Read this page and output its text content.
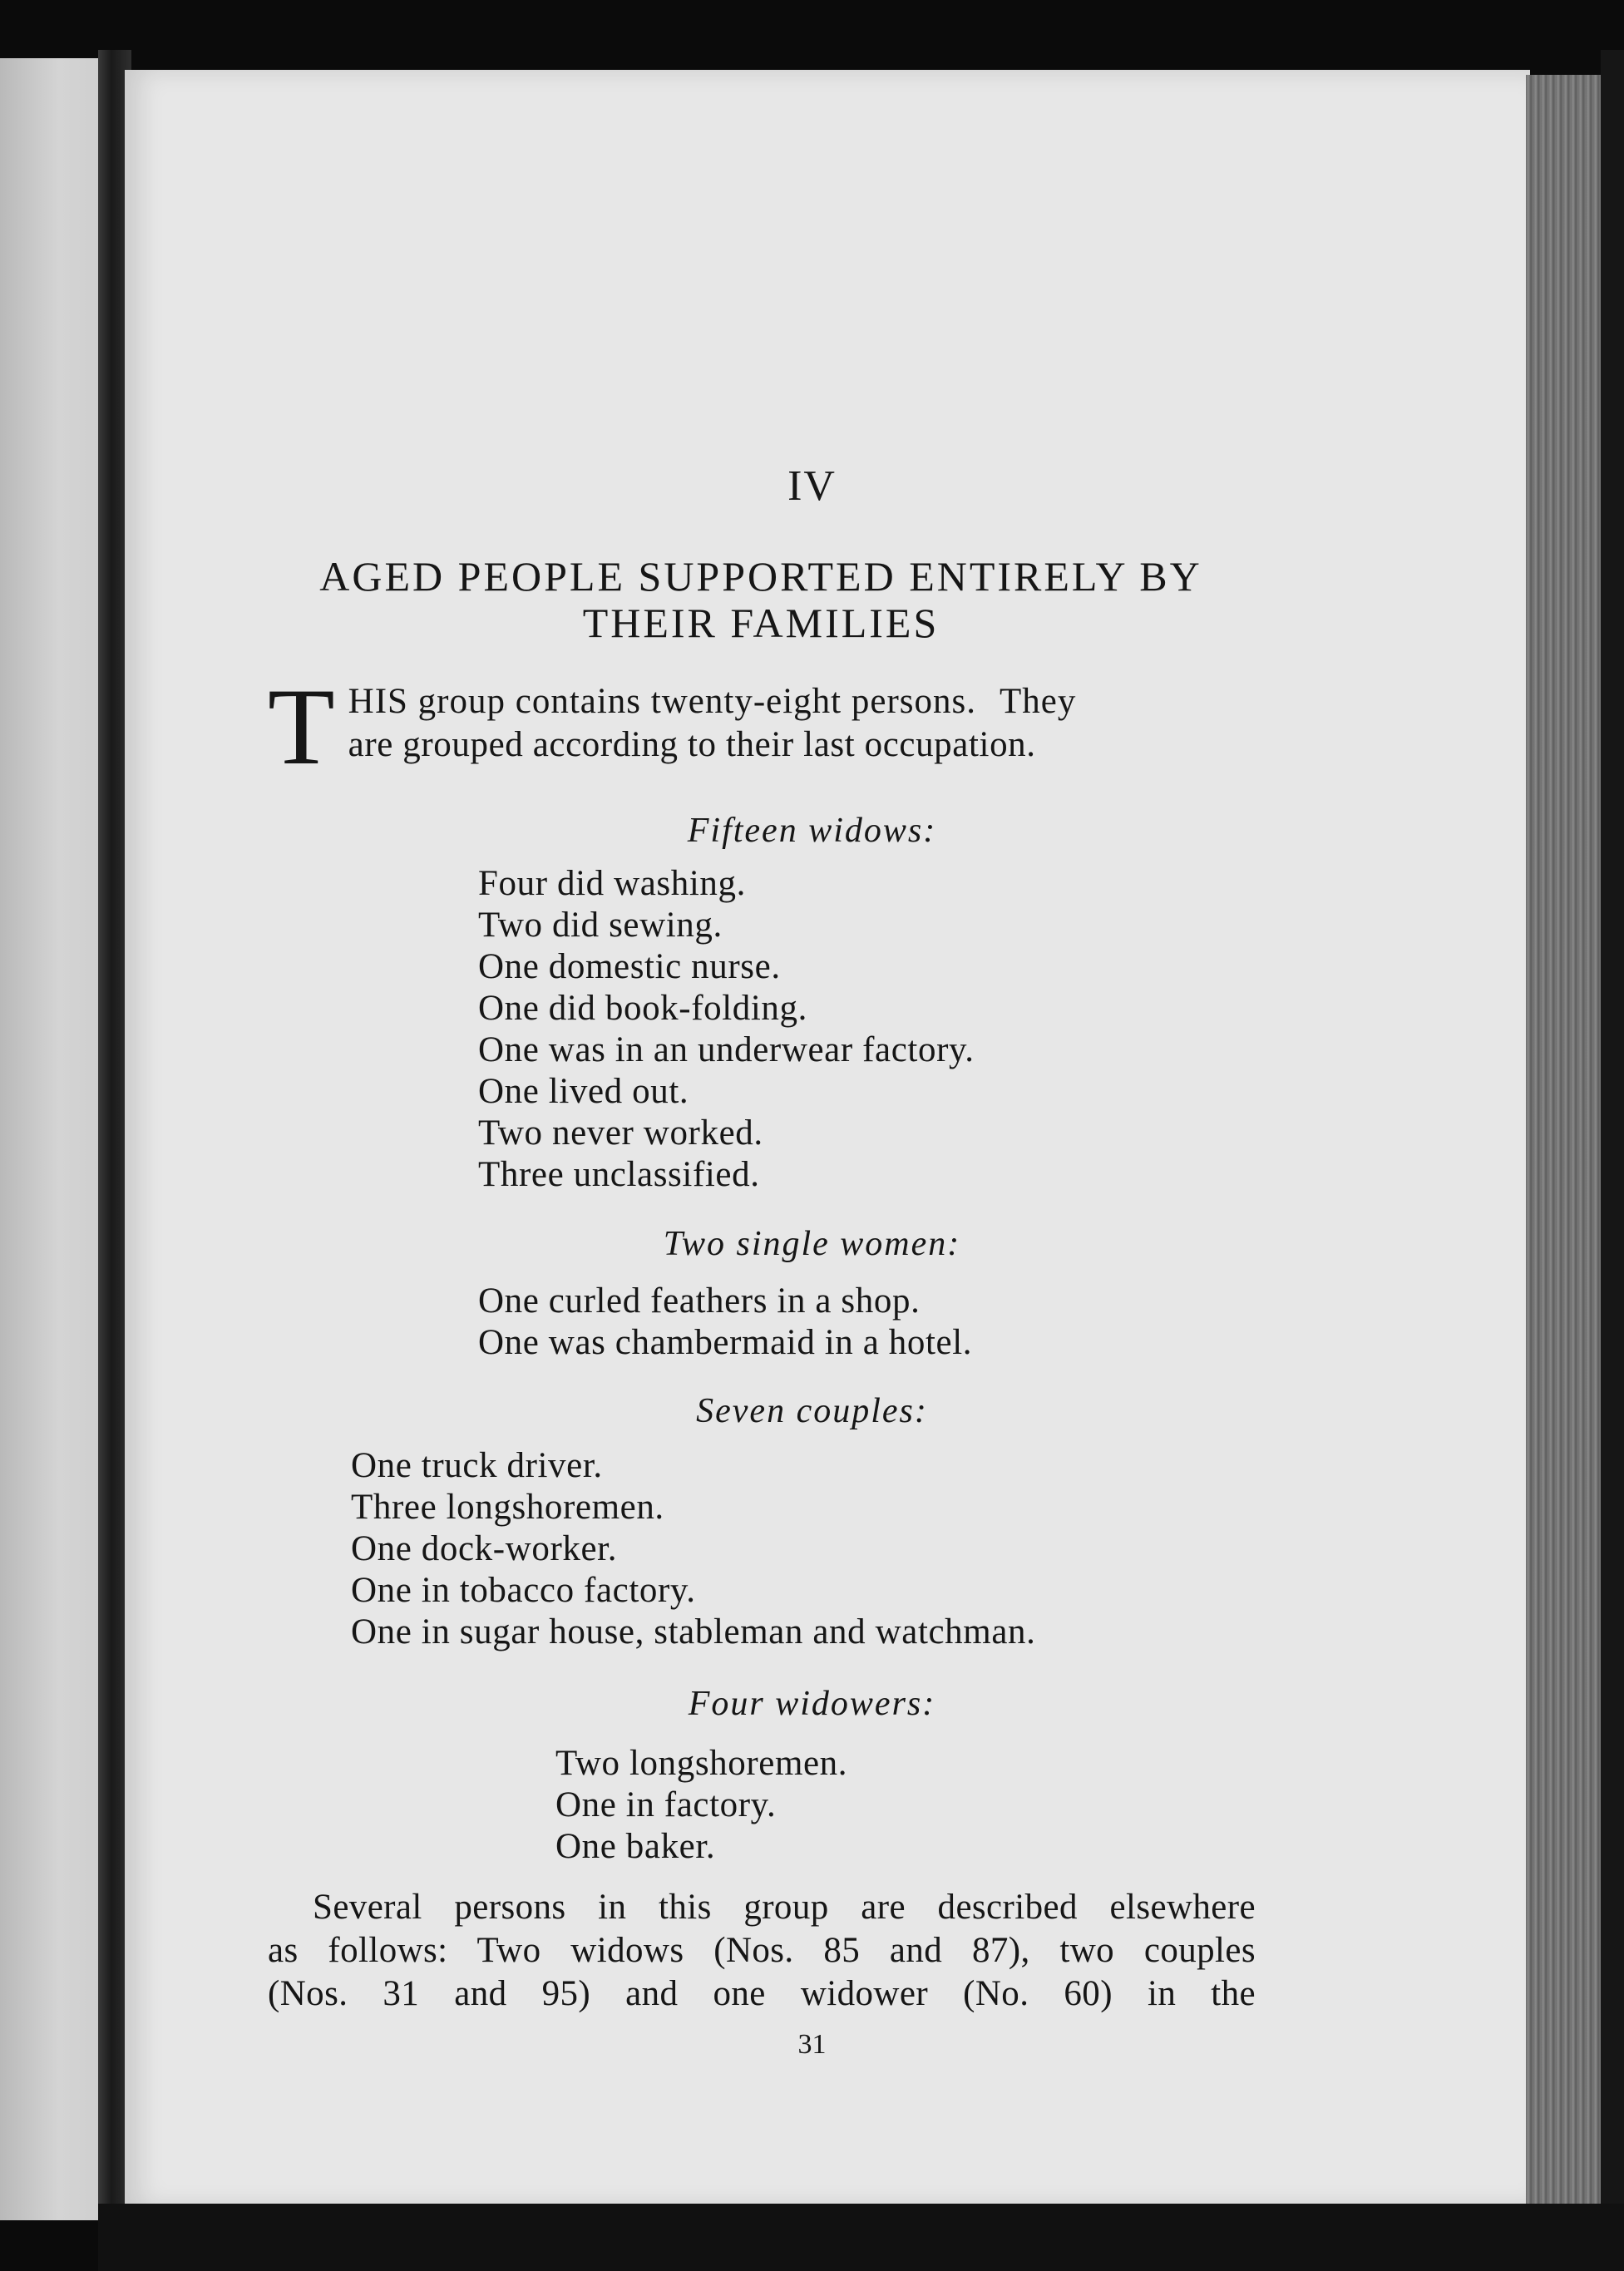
IV
AGED PEOPLE SUPPORTED ENTIRELY BY
THEIR FAMILIES
T HIS group contains twenty-eight persons. They
are grouped according to their last occupation.
Fifteen widows:
Four did washing.
Two did sewing.
One domestic nurse.
One did book-folding.
One was in an underwear factory.
One lived out.
Two never worked.
Three unclassified.
Two single women:
One curled feathers in a shop.
One was chambermaid in a hotel.
Seven couples:
One truck driver.
Three longshoremen.
One dock-worker.
One in tobacco factory.
One in sugar house, stableman and watchman.
Four widowers:
Two longshoremen.
One in factory.
One baker.
Several persons in this group are described elsewhere
as follows: Two widows (Nos. 85 and 87), two couples
(Nos. 31 and 95) and one widower (No. 60) in the
31
